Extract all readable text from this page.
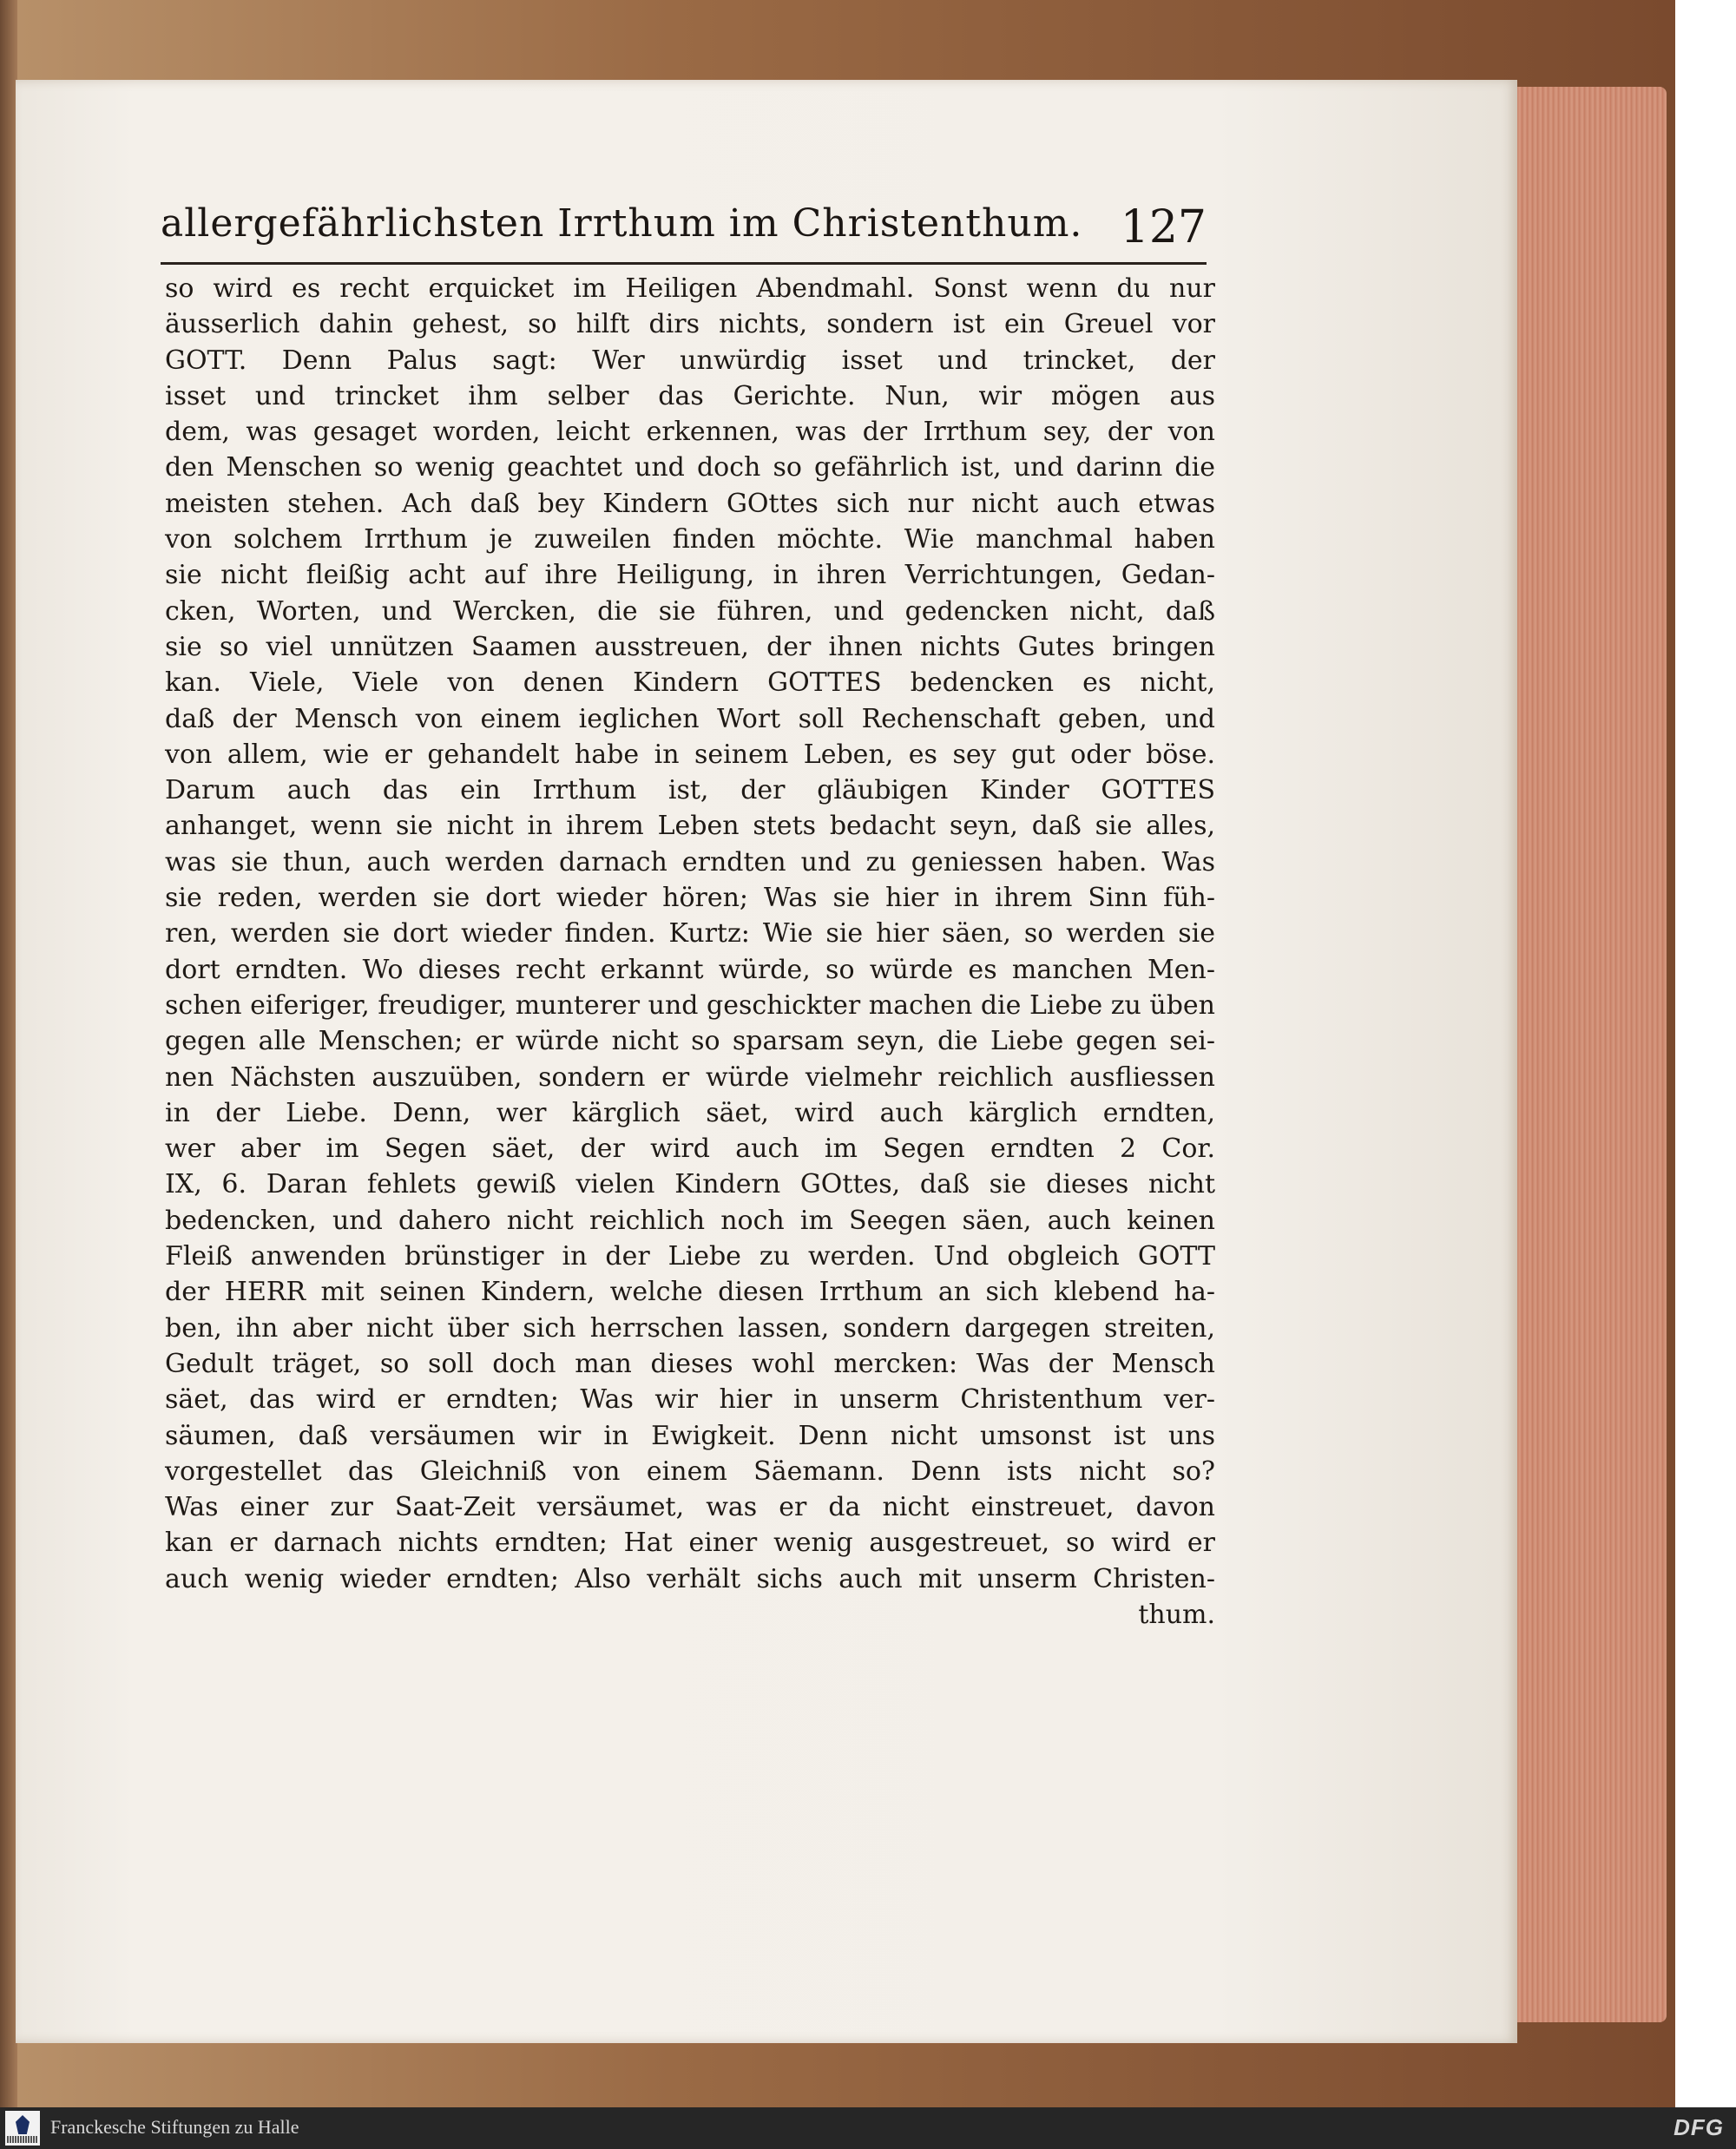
allergefährlichsten Irrthum im Christenthum. 127
so wird es recht erquicket im Heiligen Abendmahl. Sonst wenn du nur
äusserlich dahin gehest, so hilft dirs nichts, sondern ist ein Greuel vor
GOTT. Denn Palus sagt: Wer unwürdig isset und trincket, der
isset und trincket ihm selber das Gerichte. Nun, wir mögen aus
dem, was gesaget worden, leicht erkennen, was der Irrthum sey, der von
den Menschen so wenig geachtet und doch so gefährlich ist, und darinn die
meisten stehen. Ach daß bey Kindern GOttes sich nur nicht auch etwas
von solchem Irrthum je zuweilen finden möchte. Wie manchmal haben
sie nicht fleißig acht auf ihre Heiligung, in ihren Verrichtungen, Gedan-
cken, Worten, und Wercken, die sie führen, und gedencken nicht, daß
sie so viel unnützen Saamen ausstreuen, der ihnen nichts Gutes bringen
kan. Viele, Viele von denen Kindern GOTTES bedencken es nicht,
daß der Mensch von einem ieglichen Wort soll Rechenschaft geben, und
von allem, wie er gehandelt habe in seinem Leben, es sey gut oder böse.
Darum auch das ein Irrthum ist, der gläubigen Kinder GOTTES
anhanget, wenn sie nicht in ihrem Leben stets bedacht seyn, daß sie alles,
was sie thun, auch werden darnach erndten und zu geniessen haben. Was
sie reden, werden sie dort wieder hören; Was sie hier in ihrem Sinn füh-
ren, werden sie dort wieder finden. Kurtz: Wie sie hier säen, so werden sie
dort erndten. Wo dieses recht erkannt würde, so würde es manchen Men-
schen eiferiger, freudiger, munterer und geschickter machen die Liebe zu üben
gegen alle Menschen; er würde nicht so sparsam seyn, die Liebe gegen sei-
nen Nächsten auszuüben, sondern er würde vielmehr reichlich ausfliessen
in der Liebe. Denn, wer kärglich säet, wird auch kärglich erndten,
wer aber im Segen säet, der wird auch im Segen erndten 2 Cor.
IX, 6. Daran fehlets gewiß vielen Kindern GOttes, daß sie dieses nicht
bedencken, und dahero nicht reichlich noch im Seegen säen, auch keinen
Fleiß anwenden brünstiger in der Liebe zu werden. Und obgleich GOTT
der HERR mit seinen Kindern, welche diesen Irrthum an sich klebend ha-
ben, ihn aber nicht über sich herrschen lassen, sondern dargegen streiten,
Gedult träget, so soll doch man dieses wohl mercken: Was der Mensch
säet, das wird er erndten; Was wir hier in unserm Christenthum ver-
säumen, daß versäumen wir in Ewigkeit. Denn nicht umsonst ist uns
vorgestellet das Gleichniß von einem Säemann. Denn ists nicht so?
Was einer zur Saat-Zeit versäumet, was er da nicht einstreuet, davon
kan er darnach nichts erndten; Hat einer wenig ausgestreuet, so wird er
auch wenig wieder erndten; Also verhält sichs auch mit unserm Christen-
thum.
Franckesche Stiftungen zu Halle	DFG
